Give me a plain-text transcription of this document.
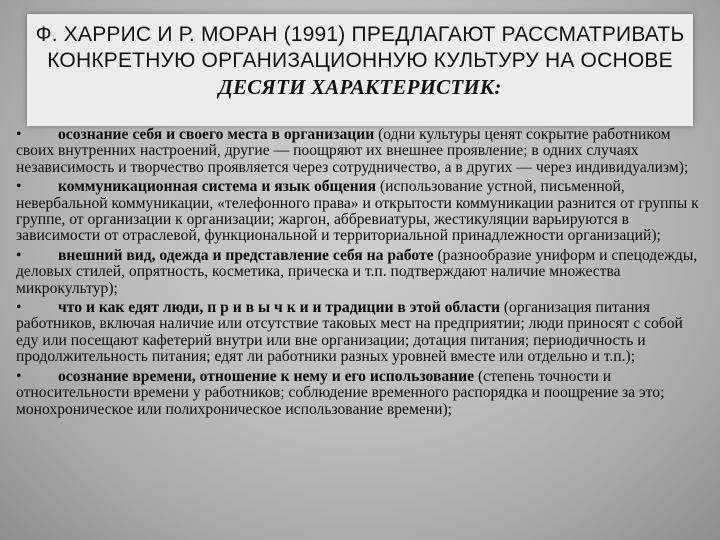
Ф. ХАРРИС И Р. МОРАН (1991) ПРЕДЛАГАЮТ РАССМАТРИВАТЬ КОНКРЕТНУЮ ОРГАНИЗАЦИОННУЮ КУЛЬТУРУ НА ОСНОВЕ
ДЕСЯТИ ХАРАКТЕРИСТИК:
• осознание себя и своего места в организации (одни культуры ценят сокрытие работником своих внутренних настроений, другие — поощряют их внешнее проявление; в одних случаях независимость и творчество проявляется через сотрудничество, а в других — через индивидуализм);
• коммуникационная система и язык общения (использование устной, письменной, невербальной коммуникации, «телефонного права» и открытости коммуникации разнится от группы к группе, от организации к организации; жаргон, аббревиатуры, жестикуляции варьируются в зависимости от отраслевой, функциональной и территориальной принадлежности организаций);
• внешний вид, одежда и представление себя на работе (разнообразие униформ и спецодежды, деловых стилей, опрятность, косметика, прическа и т.п. подтверждают наличие множества микрокультур);
• что и как едят люди, п р и в ы ч к и и традиции в этой области (организация питания работников, включая наличие или отсутствие таковых мест на предприятии; люди приносят с собой еду или посещают кафетерий внутри или вне организации; дотация питания; периодичность и продолжительность питания; едят ли работники разных уровней вместе или отдельно и т.п.);
• осознание времени, отношение к нему и его использование (степень точности и относительности времени у работников; соблюдение временного распорядка и поощрение за это; монохроническое или полихроническое использование времени);
